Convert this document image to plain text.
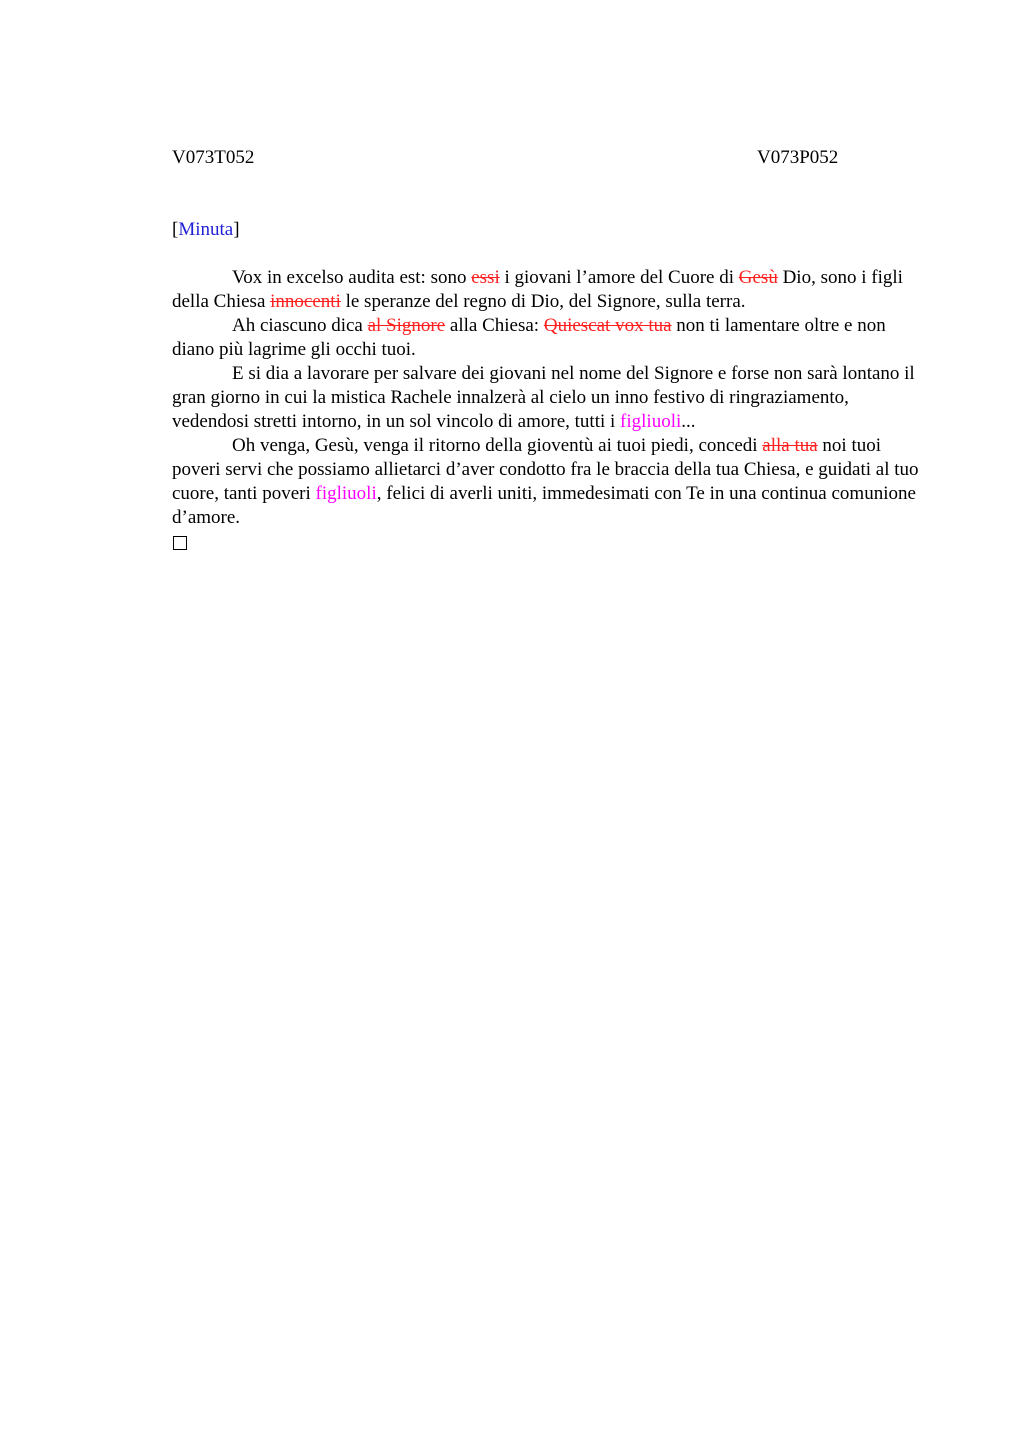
V073T052	V073P052
[Minuta]

Vox in excelso audita est: sono essi i giovani l’amore del Cuore di Gesù Dio, sono i figli della Chiesa innocenti le speranze del regno di Dio, del Signore, sulla terra.

Ah ciascuno dica al Signore alla Chiesa: Quiescat vox tua non ti lamentare oltre e non diano più lagrime gli occhi tuoi.

E si dia a lavorare per salvare dei giovani nel nome del Signore e forse non sarà lontano il gran giorno in cui la mistica Rachele innalzerà al cielo un inno festivo di ringraziamento, vedendosi stretti intorno, in un sol vincolo di amore, tutti i figliuoli...

Oh venga, Gesù, venga il ritorno della gioventù ai tuoi piedi, concedi alla tua noi tuoi poveri servi che possiamo allietarci d’aver condotto fra le braccia della tua Chiesa, e guidati al tuo cuore, tanti poveri figliuoli, felici di averli uniti, immedesimati con Te in una continua comunione d’amore.
